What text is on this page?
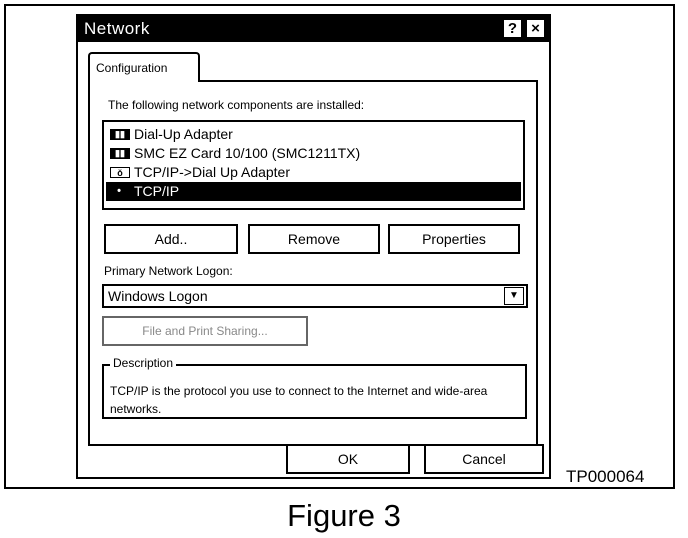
Network	? ×
Configuration
The following network components are installed:
▮▮ Dial-Up Adapter
▮▮ SMC EZ Card 10/100 (SMC1211TX)
ǒ TCP/IP->Dial Up Adapter
• TCP/IP
Add..	Remove	Properties
Primary Network Logon:
Windows Logon	▼
File and Print Sharing...
Description
TCP/IP is the protocol you use to connect to the Internet and wide-area networks.
OK	Cancel
TP000064
Figure 3
